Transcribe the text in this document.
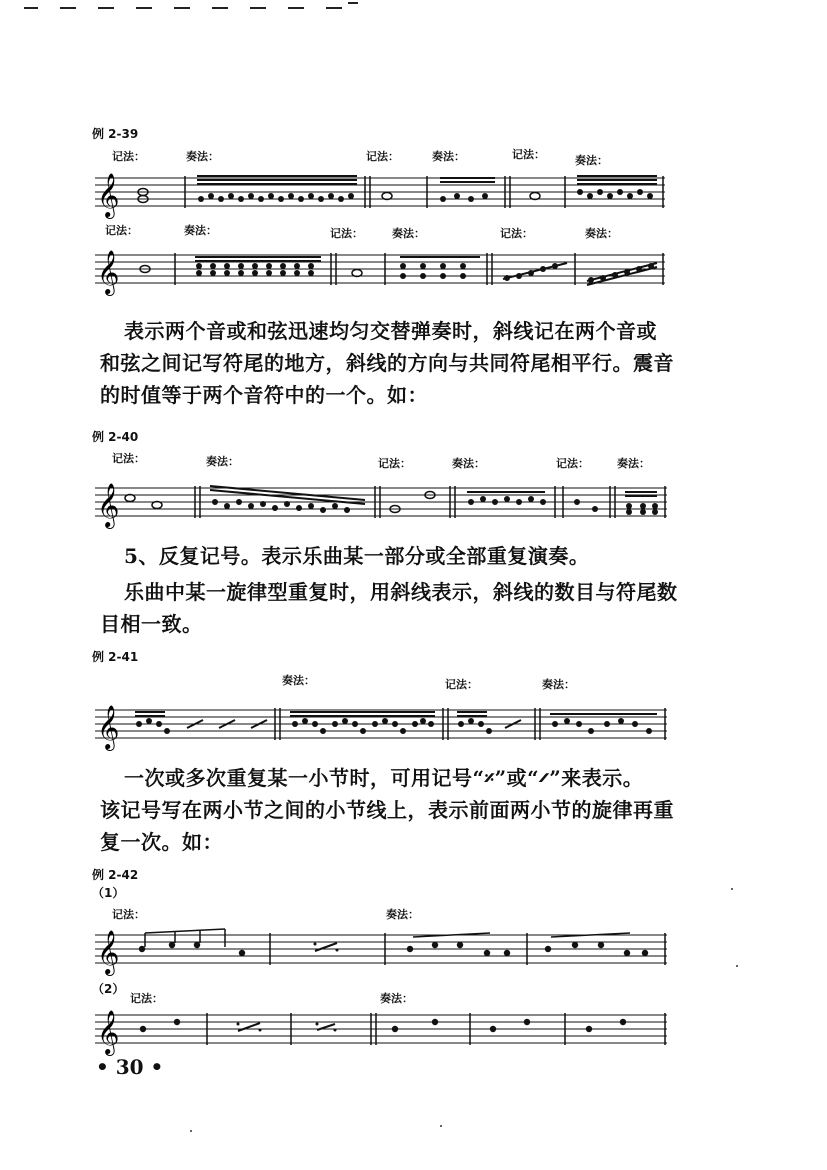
例 2-39
记法：	奏法：	记法：	奏法：	记法：	奏法：
𝄞
记法：	奏法：	记法：	奏法：	记法：	奏法：
𝄞
表示两个音或和弦迅速均匀交替弹奏时，斜线记在两个音或
和弦之间记写符尾的地方，斜线的方向与共同符尾相平行。震音
的时值等于两个音符中的一个。如：
例 2-40
记法：	奏法：	记法：	奏法：	记法：	奏法：
𝄞
5、反复记号。表示乐曲某一部分或全部重复演奏。
乐曲中某一旋律型重复时，用斜线表示，斜线的数目与符尾数
目相一致。
例 2-41
奏法：	记法：	奏法：
𝄞
一次或多次重复某一小节时，可用记号“𝄎”或“𝄍”来表示。
该记号写在两小节之间的小节线上，表示前面两小节的旋律再重
复一次。如：
例 2-42
（1）
记法：	奏法：
𝄞
（2）
记法：	奏法：
𝄞
• 30 •
